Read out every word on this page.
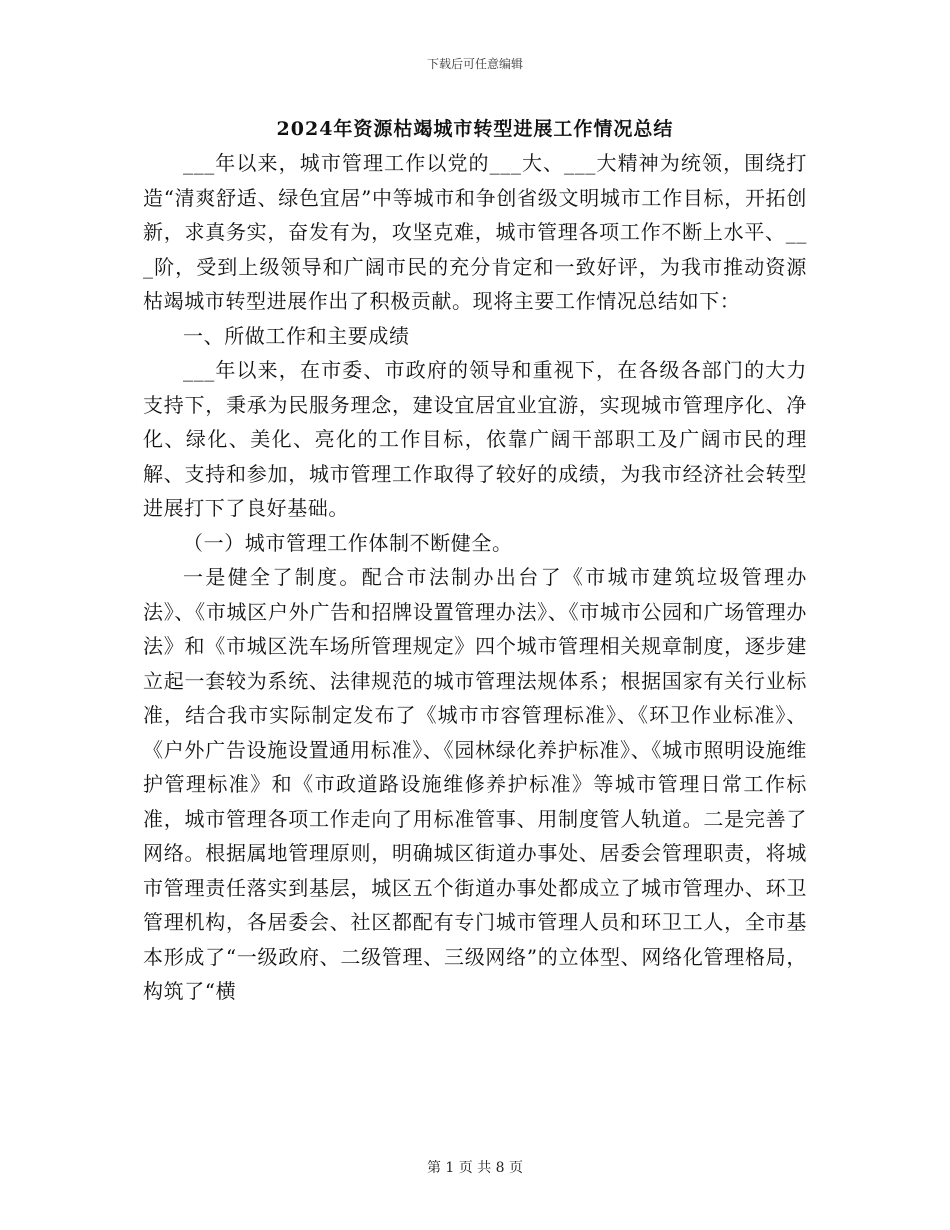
下载后可任意编辑
2024年资源枯竭城市转型进展工作情况总结

___年以来，城市管理工作以党的___大、___大精神为统领，围绕打造“清爽舒适、绿色宜居”中等城市和争创省级文明城市工作目标，开拓创新，求真务实，奋发有为，攻坚克难，城市管理各项工作不断上水平、___阶，受到上级领导和广阔市民的充分肯定和一致好评，为我市推动资源枯竭城市转型进展作出了积极贡献。现将主要工作情况总结如下：

一、所做工作和主要成绩

___年以来，在市委、市政府的领导和重视下，在各级各部门的大力支持下，秉承为民服务理念，建设宜居宜业宜游，实现城市管理序化、净化、绿化、美化、亮化的工作目标，依靠广阔干部职工及广阔市民的理解、支持和参加，城市管理工作取得了较好的成绩，为我市经济社会转型进展打下了良好基础。

（一）城市管理工作体制不断健全。

一是健全了制度。配合市法制办出台了《市城市建筑垃圾管理办法》、《市城区户外广告和招牌设置管理办法》、《市城市公园和广场管理办法》和《市城区洗车场所管理规定》四个城市管理相关规章制度，逐步建立起一套较为系统、法律规范的城市管理法规体系；根据国家有关行业标准，结合我市实际制定发布了《城市市容管理标准》、《环卫作业标准》、《户外广告设施设置通用标准》、《园林绿化养护标准》、《城市照明设施维护管理标准》和《市政道路设施维修养护标准》等城市管理日常工作标准，城市管理各项工作走向了用标准管事、用制度管人轨道。二是完善了网络。根据属地管理原则，明确城区街道办事处、居委会管理职责，将城市管理责任落实到基层，城区五个街道办事处都成立了城市管理办、环卫管理机构，各居委会、社区都配有专门城市管理人员和环卫工人，全市基本形成了“一级政府、二级管理、三级网络”的立体型、网络化管理格局，构筑了“横

第 1 页 共 8 页
